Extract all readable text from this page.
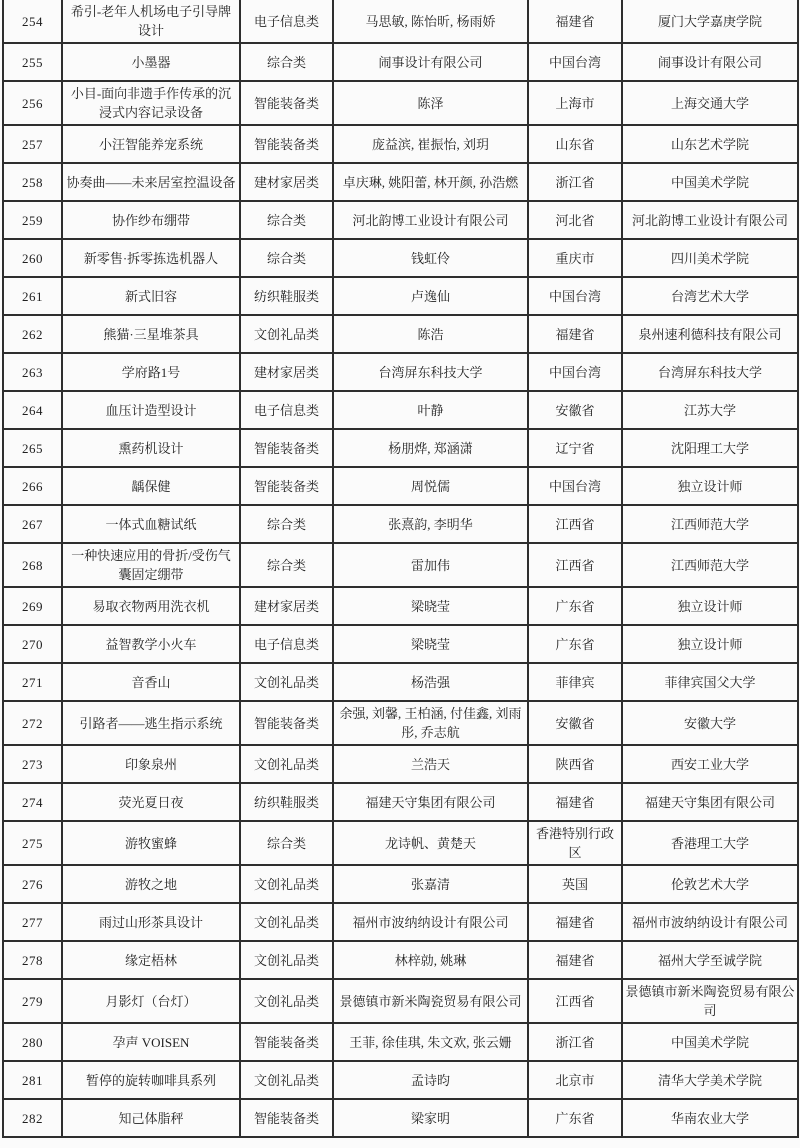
254	希引-老年人机场电子引导牌设计	电子信息类	马思敏, 陈怡昕, 杨雨娇	福建省	厦门大学嘉庚学院
255	小墨器	综合类	闹事设计有限公司	中国台湾	闹事设计有限公司
256	小目-面向非遗手作传承的沉浸式内容记录设备	智能装备类	陈泽	上海市	上海交通大学
257	小汪智能养宠系统	智能装备类	庞益滨, 崔振怡, 刘玥	山东省	山东艺术学院
258	协奏曲——未来居室控温设备	建材家居类	卓庆琳, 姚阳蕾, 林开颜, 孙浩燃	浙江省	中国美术学院
259	协作纱布绷带	综合类	河北韵博工业设计有限公司	河北省	河北韵博工业设计有限公司
260	新零售·拆零拣选机器人	综合类	钱虹伶	重庆市	四川美术学院
261	新式旧容	纺织鞋服类	卢逸仙	中国台湾	台湾艺术大学
262	熊猫·三星堆茶具	文创礼品类	陈浩	福建省	泉州速利德科技有限公司
263	学府路1号	建材家居类	台湾屏东科技大学	中国台湾	台湾屏东科技大学
264	血压计造型设计	电子信息类	叶静	安徽省	江苏大学
265	熏药机设计	智能装备类	杨朋烨, 郑涵潇	辽宁省	沈阳理工大学
266	龋保健	智能装备类	周悦儒	中国台湾	独立设计师
267	一体式血糖试纸	综合类	张熹韵, 李明华	江西省	江西师范大学
268	一种快速应用的骨折/受伤气囊固定绷带	综合类	雷加伟	江西省	江西师范大学
269	易取衣物两用洗衣机	建材家居类	梁晓莹	广东省	独立设计师
270	益智教学小火车	电子信息类	梁晓莹	广东省	独立设计师
271	音香山	文创礼品类	杨浩强	菲律宾	菲律宾国父大学
272	引路者——逃生指示系统	智能装备类	余强, 刘馨, 王柏涵, 付佳鑫, 刘雨彤, 乔志航	安徽省	安徽大学
273	印象泉州	文创礼品类	兰浩天	陕西省	西安工业大学
274	荧光夏日夜	纺织鞋服类	福建天守集团有限公司	福建省	福建天守集团有限公司
275	游牧蜜蜂	综合类	龙诗帆、黄楚天	香港特别行政区	香港理工大学
276	游牧之地	文创礼品类	张嘉清	英国	伦敦艺术大学
277	雨过山形茶具设计	文创礼品类	福州市波纳纳设计有限公司	福建省	福州市波纳纳设计有限公司
278	缘定梧林	文创礼品类	林梓勍, 姚琳	福建省	福州大学至诚学院
279	月影灯（台灯）	文创礼品类	景德镇市新米陶瓷贸易有限公司	江西省	景德镇市新米陶瓷贸易有限公司
280	孕声 VOISEN	智能装备类	王菲, 徐佳琪, 朱文欢, 张云姗	浙江省	中国美术学院
281	暂停的旋转咖啡具系列	文创礼品类	孟诗昀	北京市	清华大学美术学院
282	知己体脂秤	智能装备类	梁家明	广东省	华南农业大学
